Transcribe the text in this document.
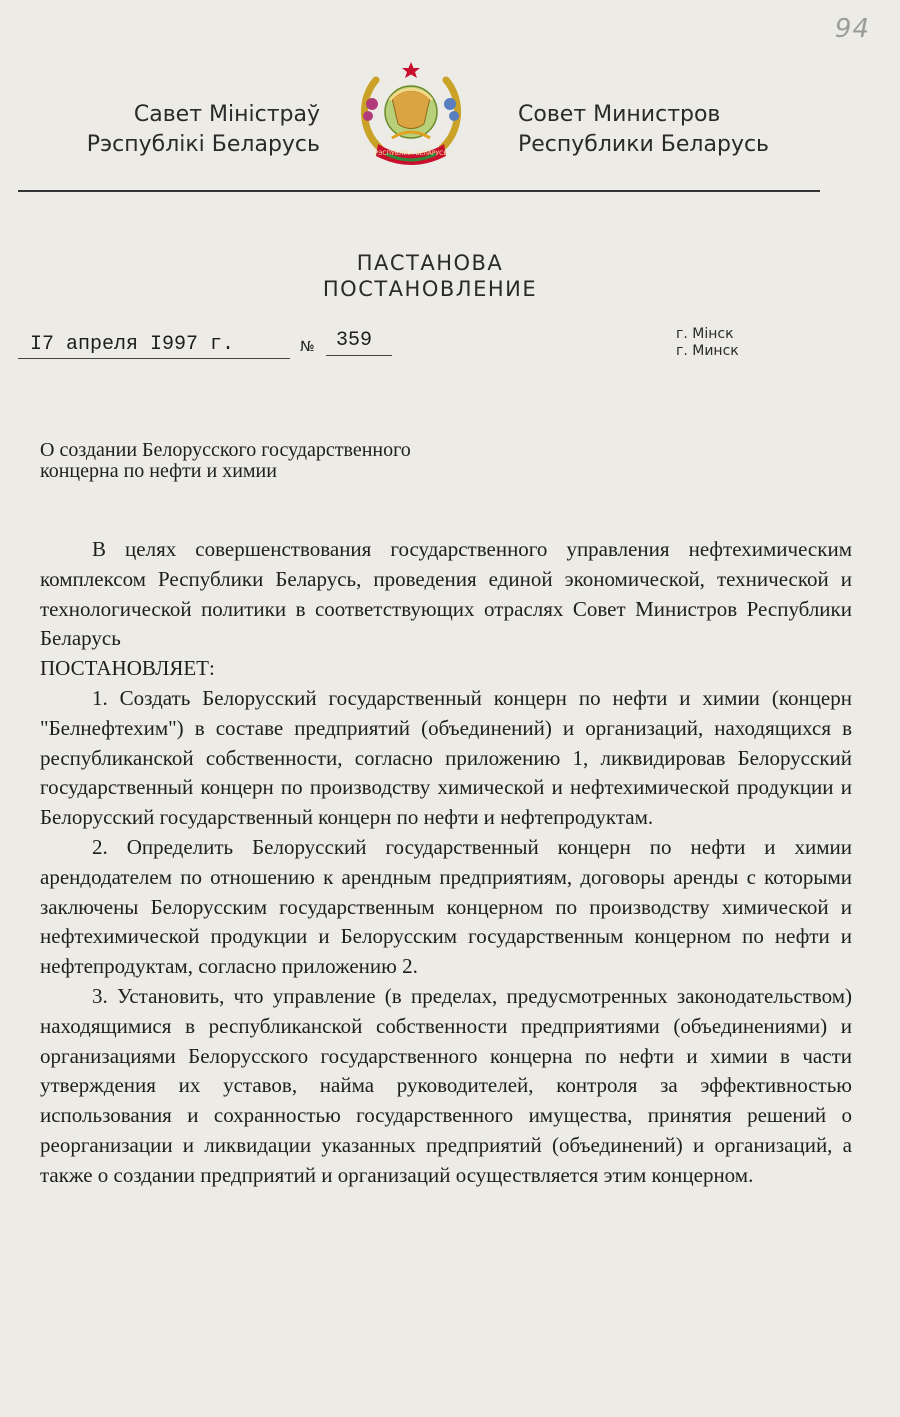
94
Савет Міністраў
Рэспублікі Беларусь	РЭСПУБЛІКА БЕЛАРУСЬ
Совет Министров
Республики Беларусь
ПАСТАНОВА
ПОСТАНОВЛЕНИЕ
I7 апреля I997 г.	№	359	г. Мінск
г. Минск
О создании Белорусского государственного
концерна по нефти и химии

В целях совершенствования государственного управления нефтехимическим комплексом Республики Беларусь, проведения единой экономической, технической и технологической политики в соответствующих отраслях Совет Министров Республики Беларусь

ПОСТАНОВЛЯЕТ:

1. Создать Белорусский государственный концерн по нефти и химии (концерн "Белнефтехим") в составе предприятий (объединений) и организаций, находящихся в республиканской собственности, согласно приложению 1, ликвидировав Белорусский государственный концерн по производству химической и нефтехимической продукции и Белорусский государственный концерн по нефти и нефтепродуктам.

2. Определить Белорусский государственный концерн по нефти и химии арендодателем по отношению к арендным предприятиям, договоры аренды с которыми заключены Белорусским государственным концерном по производству химической и нефтехимической продукции и Белорусским государственным концерном по нефти и нефтепродуктам, согласно приложению 2.

3. Установить, что управление (в пределах, предусмотренных законодательством) находящимися в республиканской собственности предприятиями (объединениями) и организациями Белорусского государственного концерна по нефти и химии в части утверждения их уставов, найма руководителей, контроля за эффективностью использования и сохранностью государственного имущества, принятия решений о реорганизации и ликвидации указанных предприятий (объединений) и организаций, а также о создании предприятий и организаций осуществляется этим концерном.
